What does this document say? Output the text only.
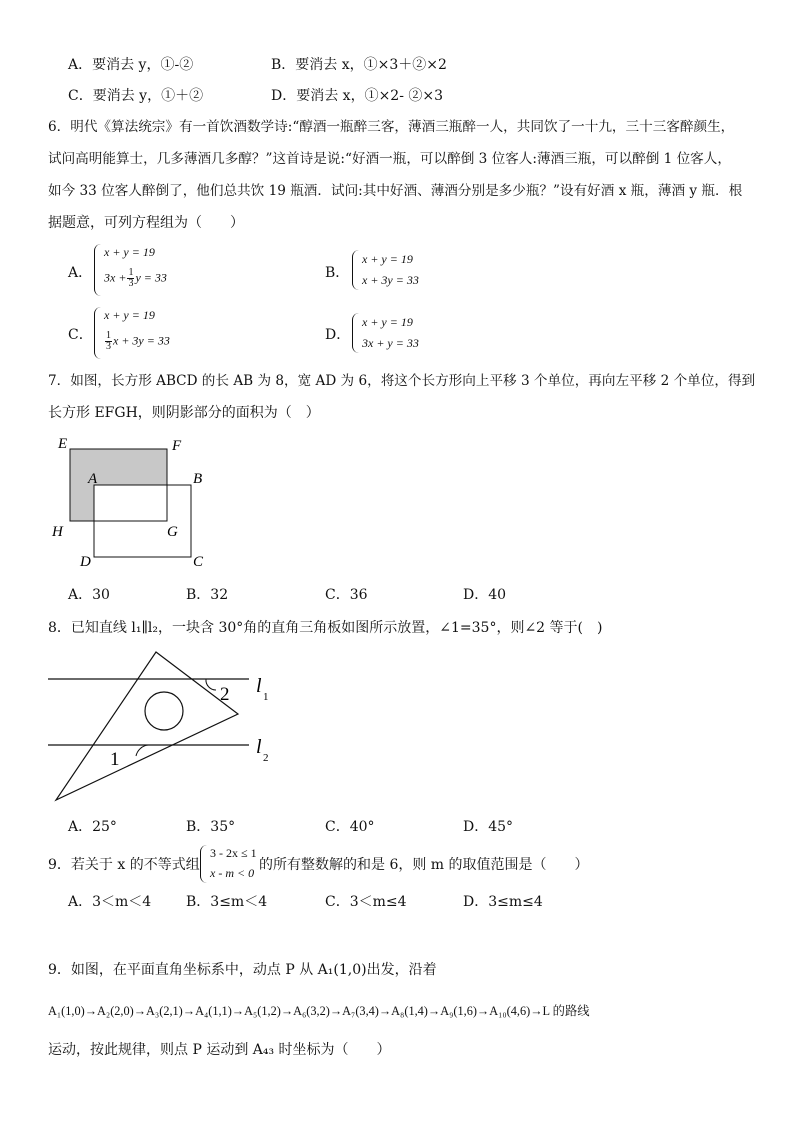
A．要消去 y，①-②	B．要消去 x，①×3＋②×2
C．要消去 y，①＋②	D．要消去 x，①×2- ②×3
6．明代《算法统宗》有一首饮酒数学诗:“醇酒一瓶醉三客，薄酒三瓶醉一人，共同饮了一十九，三十三客醉颜生，
试问高明能算士，几多薄酒几多醇？”这首诗是说:“好酒一瓶，可以醉倒 3 位客人:薄酒三瓶，可以醉倒 1 位客人，
如今 33 位客人醉倒了，他们总共饮 19 瓶酒．试问:其中好酒、薄酒分别是多少瓶？”设有好酒 x 瓶，薄酒 y 瓶．根
据题意，可列方程组为（　　）
A．
x + y = 19
$3x + \frac{1}{3}$ y = 33	B．
x + y = 19
x + 3y = 33
C．
x + y = 19
$\frac{1}{3}$ x + 3y = 33	D．
x + y = 19
3x + y = 33
7．如图，长方形 ABCD 的长 AB 为 8，宽 AD 为 6，将这个长方形向上平移 3 个单位，再向左平移 2 个单位，得到
长方形 EFGH，则阴影部分的面积为（　）
E	F
A	B
H	G
D	C
A．30	B．32	C．36	D．40
8．已知直线 l₁∥l₂，一块含 30°角的直角三角板如图所示放置，∠1=35°，则∠2 等于(　)
2
1
l 1
l 2
A．25°	B．35°	C．40°	D．45°
9．若关于 x 的不等式组
3 - 2x ≤ 1
x - m < 0 的所有整数解的和是 6，则 m 的取值范围是（　　）
A．3＜m＜4 B．3≤m＜4	C．3＜m≤4	D．3≤m≤4
9．如图，在平面直角坐标系中，动点 P 从 A₁(1,0)出发，沿着
A₁(1,0)→A₂(2,0)→A₃(2,1)→A₄(1,1)→A₅(1,2)→A₆(3,2)→A₇(3,4)→A₈(1,4)→A₉(1,6)→A₁₀(4,6)→L 的路线
运动，按此规律，则点 P 运动到 A₄₃ 时坐标为（　　）
